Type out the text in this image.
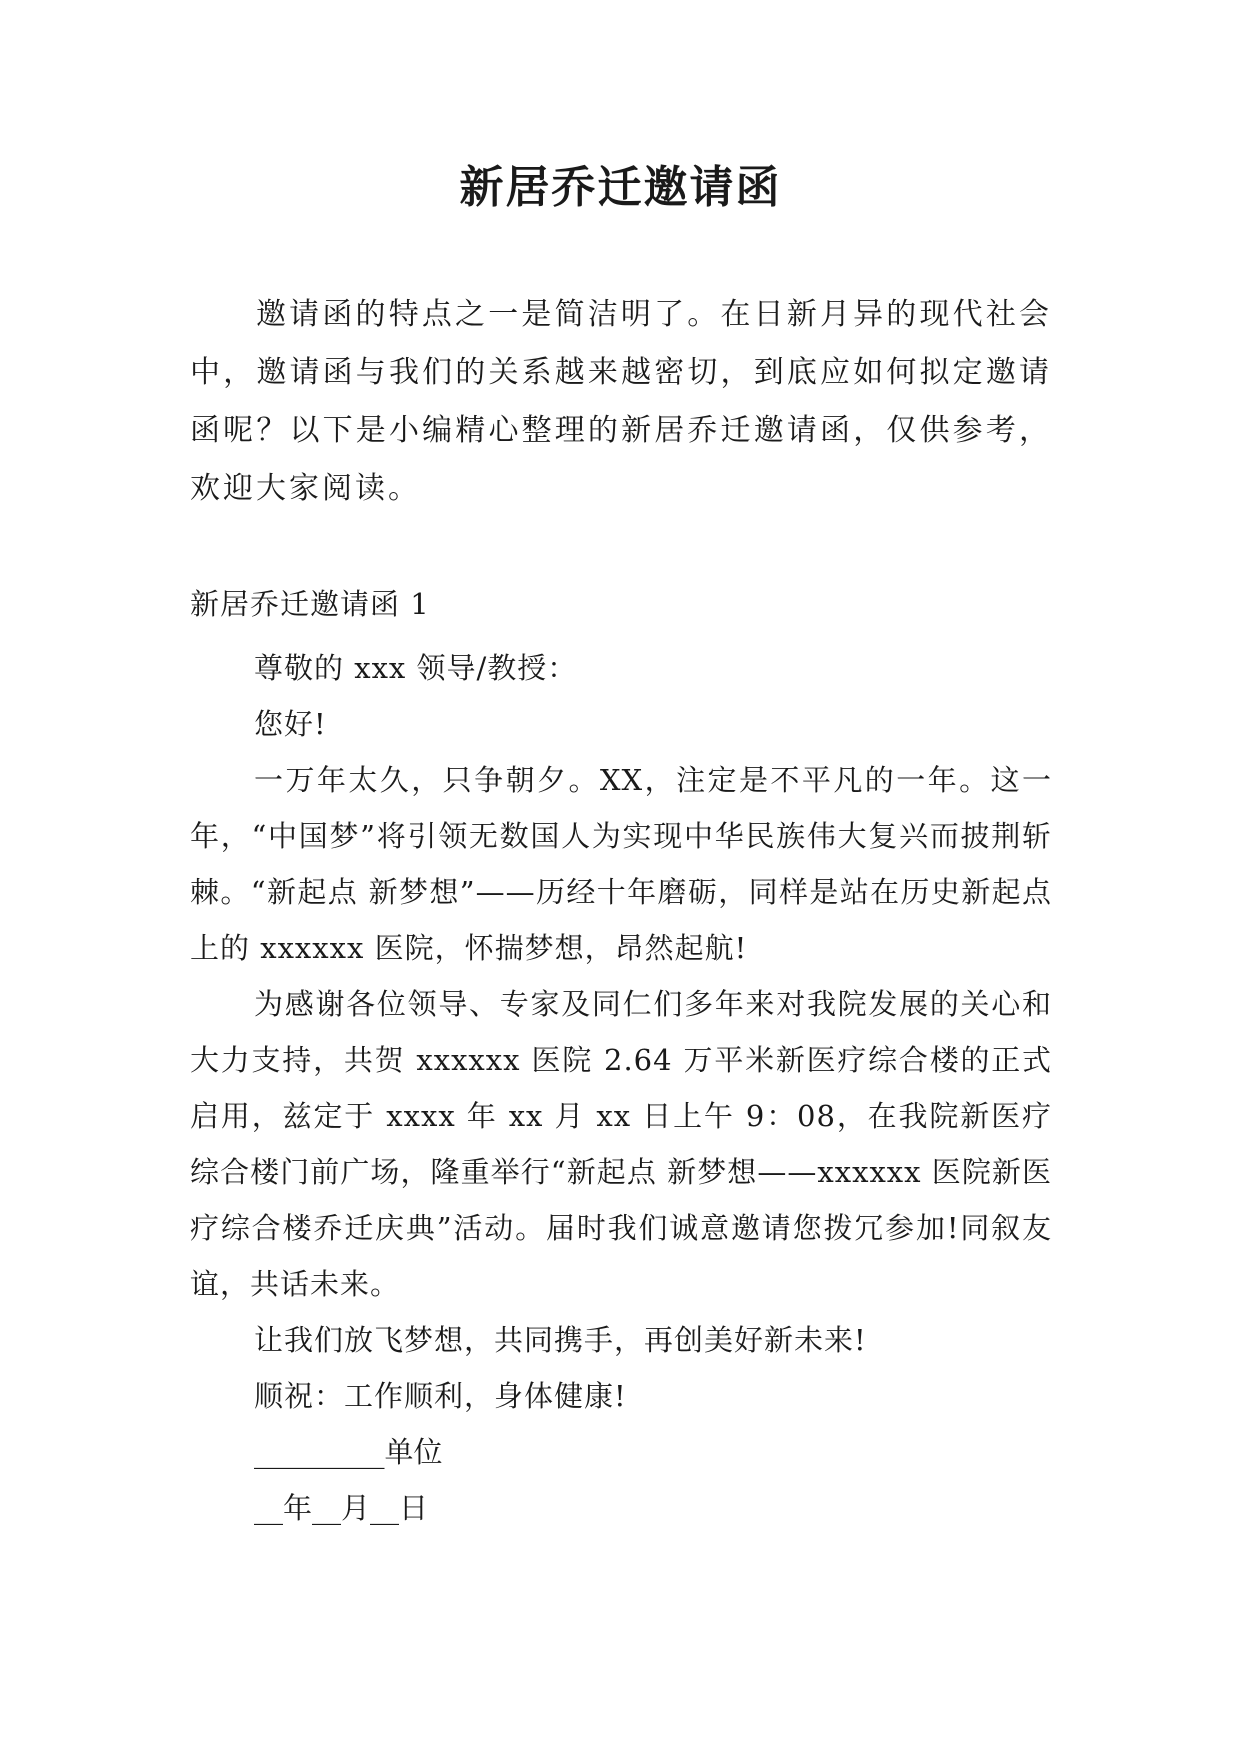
新居乔迁邀请函
邀请函的特点之一是简洁明了。在日新月异的现代社会中，邀请函与我们的关系越来越密切，到底应如何拟定邀请函呢？以下是小编精心整理的新居乔迁邀请函，仅供参考，欢迎大家阅读。
新居乔迁邀请函 1

尊敬的 xxx 领导/教授：

您好!

一万年太久，只争朝夕。XX，注定是不平凡的一年。这一年，“中国梦”将引领无数国人为实现中华民族伟大复兴而披荆斩棘。“新起点 新梦想”——历经十年磨砺，同样是站在历史新起点上的 xxxxxx 医院，怀揣梦想，昂然起航!

为感谢各位领导、专家及同仁们多年来对我院发展的关心和大力支持，共贺 xxxxxx 医院 2.64 万平米新医疗综合楼的正式启用，兹定于 xxxx 年 xx 月 xx 日上午 9：08，在我院新医疗综合楼门前广场，隆重举行“新起点 新梦想——xxxxxx 医院新医疗综合楼乔迁庆典”活动。届时我们诚意邀请您拨冗参加!同叙友谊，共话未来。

让我们放飞梦想，共同携手，再创美好新未来!

顺祝：工作顺利，身体健康!

_________单位

__年__月__日
